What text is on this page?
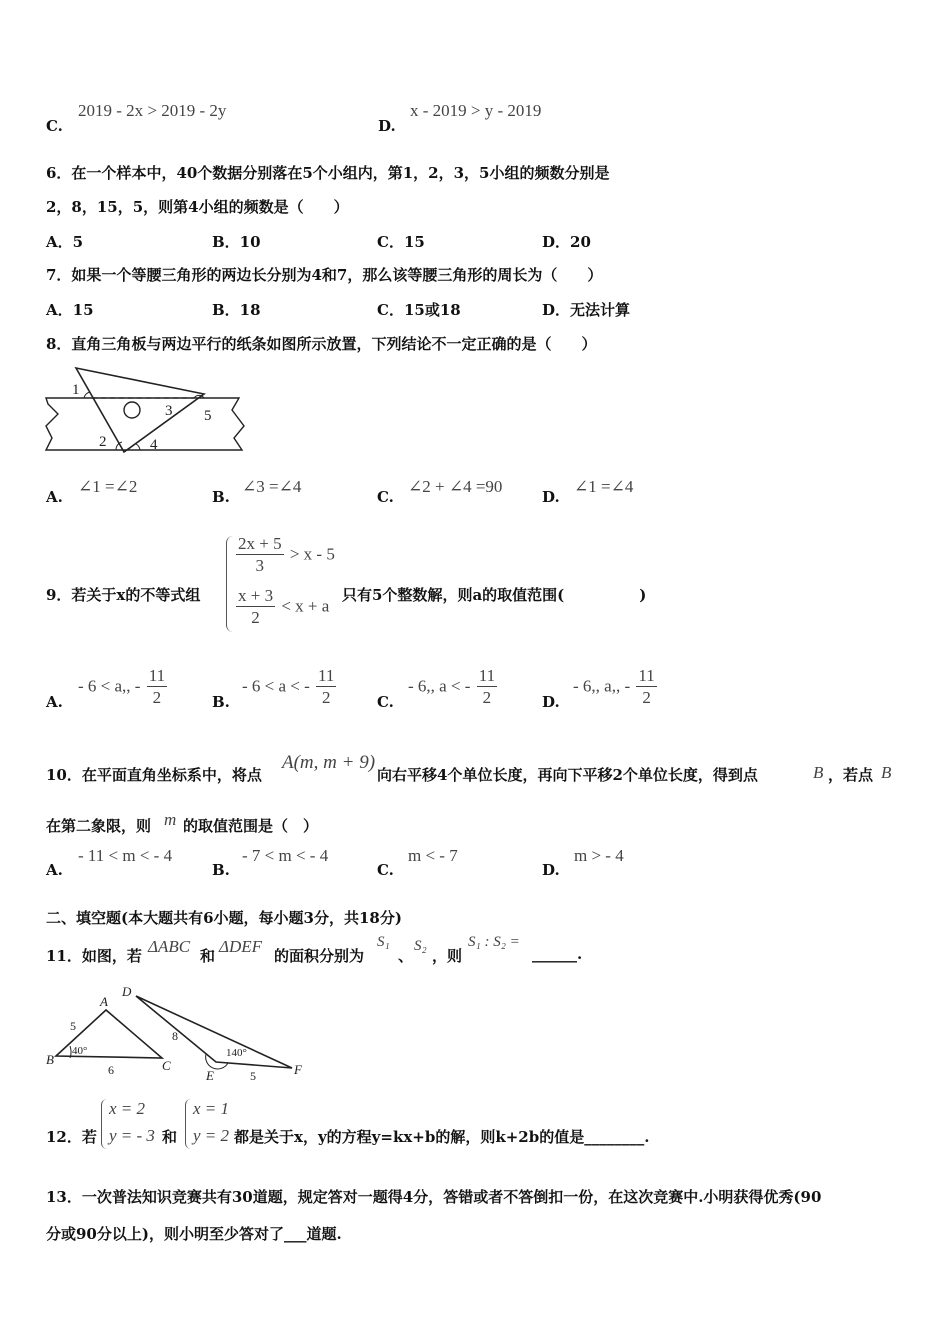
C.
2019 - 2x > 2019 - 2y
D.
x - 2019 > y - 2019
6．在一个样本中，40个数据分别落在5个小组内，第1，2，3，5小组的频数分别是
2，8，15，5，则第4小组的频数是（　　）
A．5	B．10	C．15	D．20
7．如果一个等腰三角形的两边长分别为4和7，那么该等腰三角形的周长为（　　）
A．15	B．18	C．15或18	D．无法计算
8．直角三角板与两边平行的纸条如图所示放置，下列结论不一定正确的是（　　）
1
2
3
4
5
A.
∠1 =∠2
B.
∠3 =∠4
C.
∠2 + ∠4 =90
D.
∠1 =∠4
9．若关于x的不等式组
$\frac{2x + 5}{3} > x - 5$
$\frac{x + 3}{2} < x + a$
只有5个整数解，则a的取值范围(　　　　　)
A.
- 6 < a,, - $\frac{11}{2}$	B.
- 6 < a < - $\frac{11}{2}$	C.
- 6,, a < - $\frac{11}{2}$	D.
- 6,, a,, - $\frac{11}{2}$
10．在平面直角坐标系中，将点
A(m, m + 9)
向右平移4个单位长度，再向下平移2个单位长度，得到点	B ，若点 B
在第二象限，则 m 的取值范围是（　）
A.
- 11 < m < - 4
B.
- 7 < m < - 4
C.
m < - 7
D.
m > - 4
二、填空题(本大题共有6小题，每小题3分，共18分)
11．如图，若 ΔABC 和 ΔDEF 的面积分别为
S₁
、
S₂
，则
S₁ : S₂ =
______.
A
B	C
5
40°
6
D
E	F
8
140°
5
12．若
x = 2
y = - 3 和
x = 1
y = 2 都是关于x，y的方程y=kx+b的解，则k+2b的值是________.
13．一次普法知识竞赛共有30道题，规定答对一题得4分，答错或者不答倒扣一份，在这次竞赛中.小明获得优秀(90
分或90分以上)，则小明至少答对了___道题.
